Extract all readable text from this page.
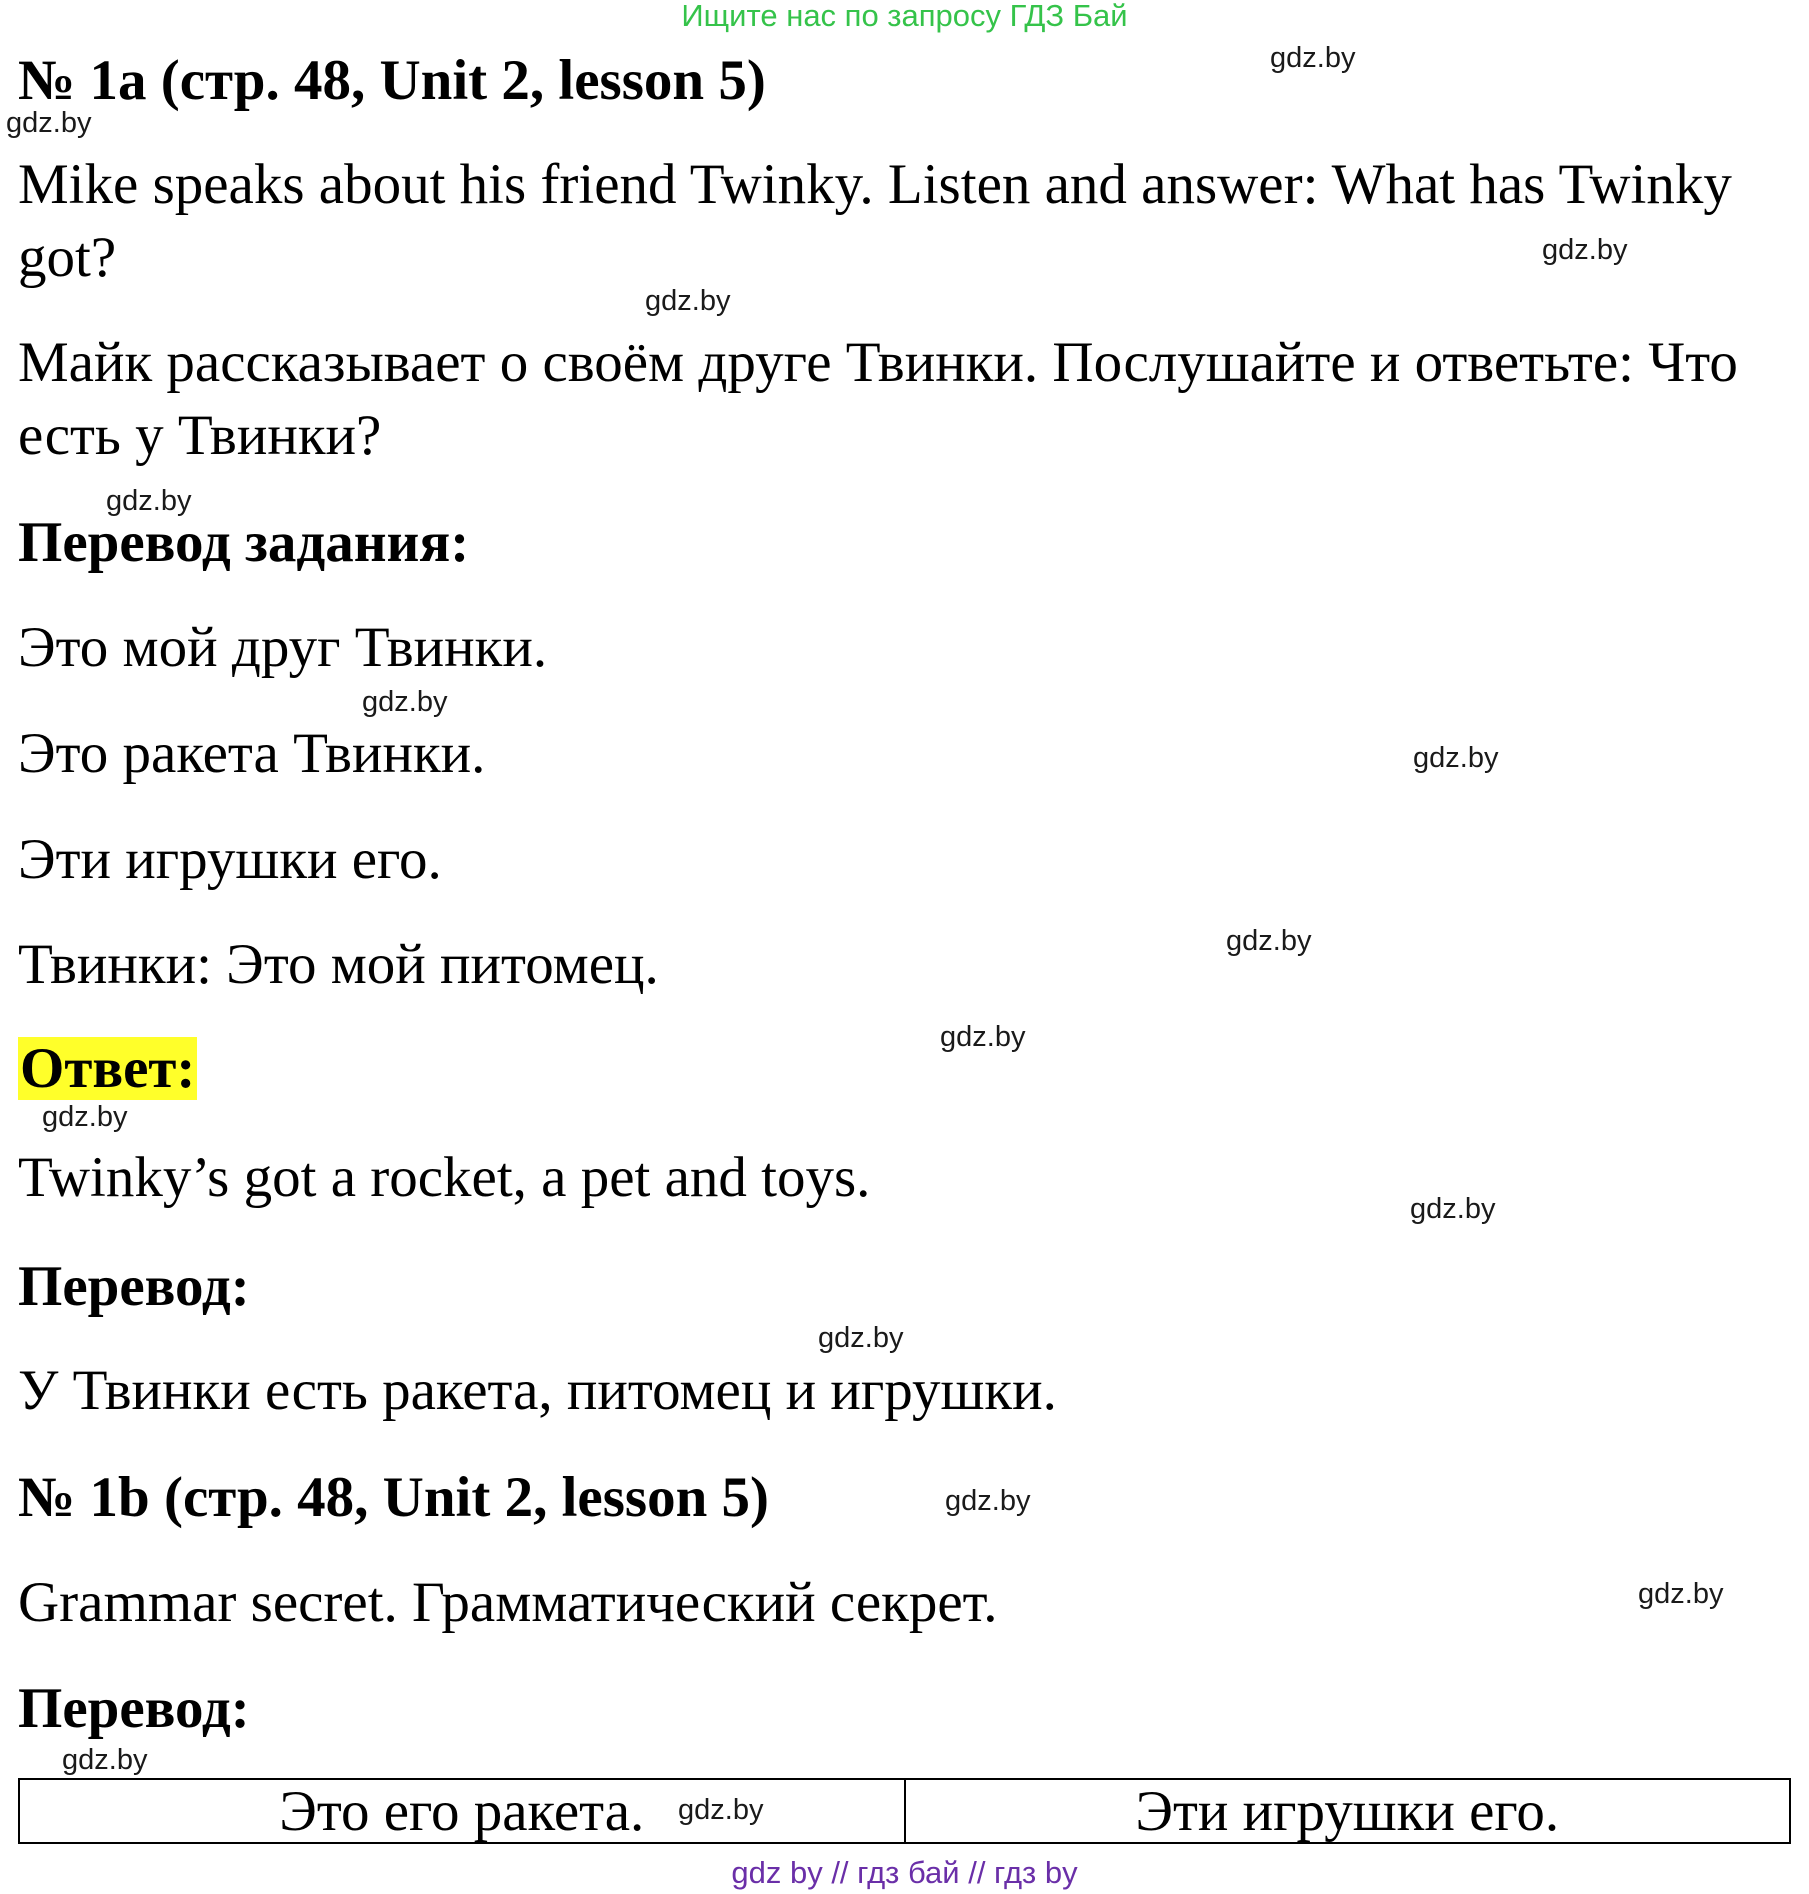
Ищите нас по запросу ГДЗ Бай
№ 1a (стр. 48, Unit 2, lesson 5)
Mike speaks about his friend Twinky. Listen and answer: What has Twinky
got?
Майк рассказывает о своём друге Твинки. Послушайте и ответьте: Что
есть у Твинки?
Перевод задания:
Это мой друг Твинки.
Это ракета Твинки.
Эти игрушки его.
Твинки: Это мой питомец.
Ответ:
Twinky’s got a rocket, a pet and toys.
Перевод:
У Твинки есть ракета, питомец и игрушки.
№ 1b (стр. 48, Unit 2, lesson 5)
Grammar secret. Грамматический секрет.
Перевод:
Это его ракета.	Эти игрушки его.
gdz.by
gdz.by
gdz.by
gdz.by
gdz.by
gdz.by
gdz.by
gdz.by
gdz.by
gdz.by
gdz.by
gdz.by
gdz.by
gdz.by
gdz.by
gdz.by
gdz by // гдз бай // гдз by
